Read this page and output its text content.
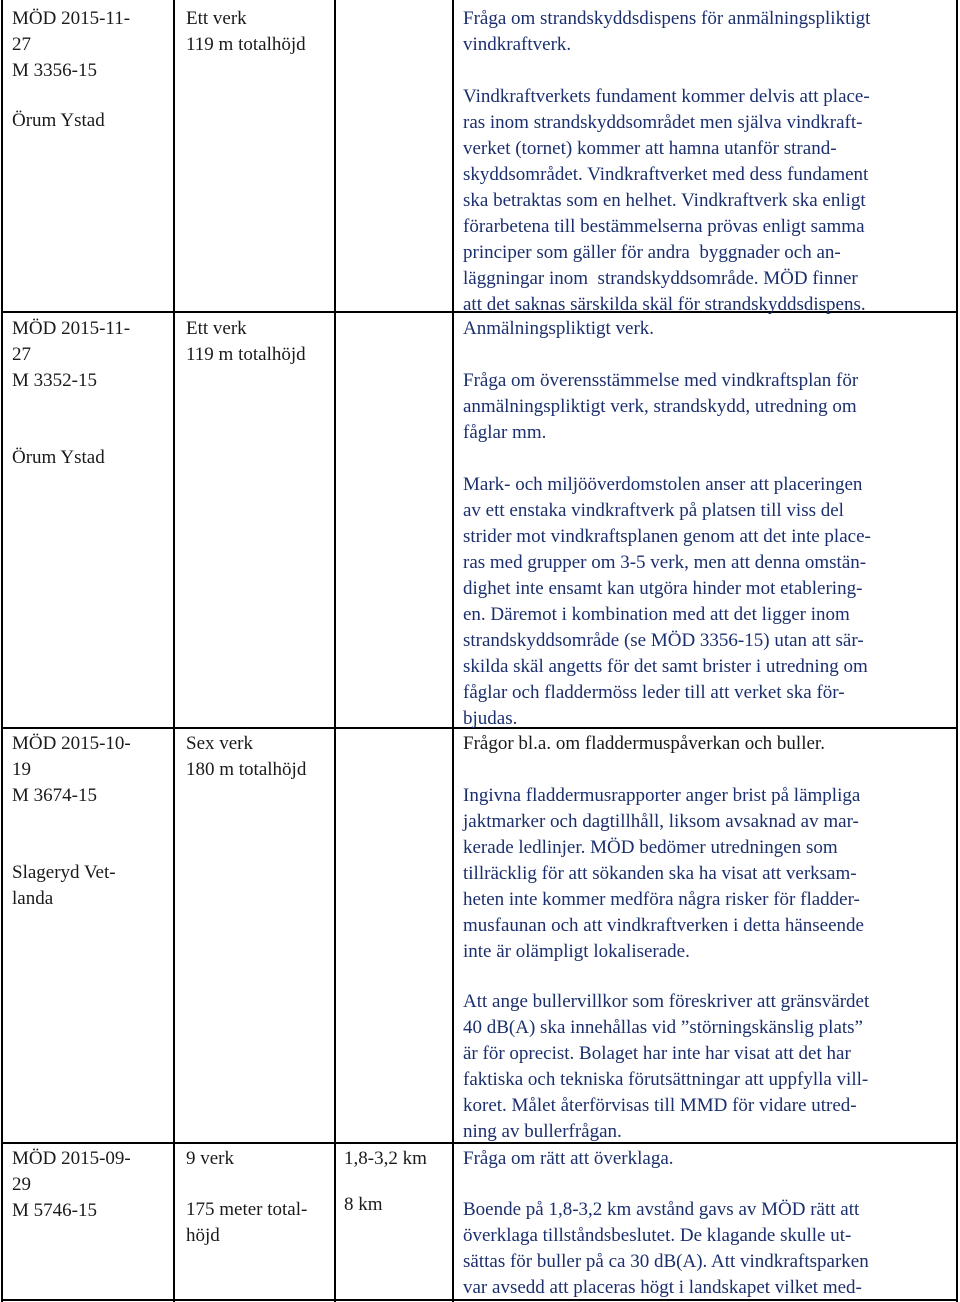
MÖD 2015-11-
27
M 3356-15
Örum Ystad
Ett verk
119 m totalhöjd
Fråga om strandskyddsdispens för anmälningspliktigt
vindkraftverk.
Vindkraftverkets fundament kommer delvis att place-
ras inom strandskyddsområdet men själva vindkraft-
verket (tornet) kommer att hamna utanför strand-
skyddsområdet. Vindkraftverket med dess fundament
ska betraktas som en helhet. Vindkraftverk ska enligt
förarbetena till bestämmelserna prövas enligt samma
principer som gäller för andra  byggnader och an-
läggningar inom  strandskyddsområde. MÖD finner
att det saknas särskilda skäl för strandskyddsdispens.
MÖD 2015-11-
27
M 3352-15
Örum Ystad
Ett verk
119 m totalhöjd
Anmälningspliktigt verk.
Fråga om överensstämmelse med vindkraftsplan för
anmälningspliktigt verk, strandskydd, utredning om
fåglar mm.
Mark- och miljööverdomstolen anser att placeringen
av ett enstaka vindkraftverk på platsen till viss del
strider mot vindkraftsplanen genom att det inte place-
ras med grupper om 3-5 verk, men att denna omstän-
dighet inte ensamt kan utgöra hinder mot etablering-
en. Däremot i kombination med att det ligger inom
strandskyddsområde (se MÖD 3356-15) utan att sär-
skilda skäl angetts för det samt brister i utredning om
fåglar och fladdermöss leder till att verket ska för-
bjudas.
MÖD 2015-10-
19
M 3674-15
Slageryd Vet-
landa
Sex verk
180 m totalhöjd
Frågor bl.a. om fladdermuspåverkan och buller.
Ingivna fladdermusrapporter anger brist på lämpliga
jaktmarker och dagtillhåll, liksom avsaknad av mar-
kerade ledlinjer. MÖD bedömer utredningen som
tillräcklig för att sökanden ska ha visat att verksam-
heten inte kommer medföra några risker för fladder-
musfaunan och att vindkraftverken i detta hänseende
inte är olämpligt lokaliserade.
Att ange bullervillkor som föreskriver att gränsvärdet
40 dB(A) ska innehållas vid ”störningskänslig plats”
är för oprecist. Bolaget har inte har visat att det har
faktiska och tekniska förutsättningar att uppfylla vill-
koret. Målet återförvisas till MMD för vidare utred-
ning av bullerfrågan.
MÖD 2015-09-
29
M 5746-15
9 verk
175 meter total-
höjd
1,8-3,2 km
8 km
Fråga om rätt att överklaga.
Boende på 1,8-3,2 km avstånd gavs av MÖD rätt att
överklaga tillståndsbeslutet. De klagande skulle ut-
sättas för buller på ca 30 dB(A). Att vindkraftsparken
var avsedd att placeras högt i landskapet vilket med-
